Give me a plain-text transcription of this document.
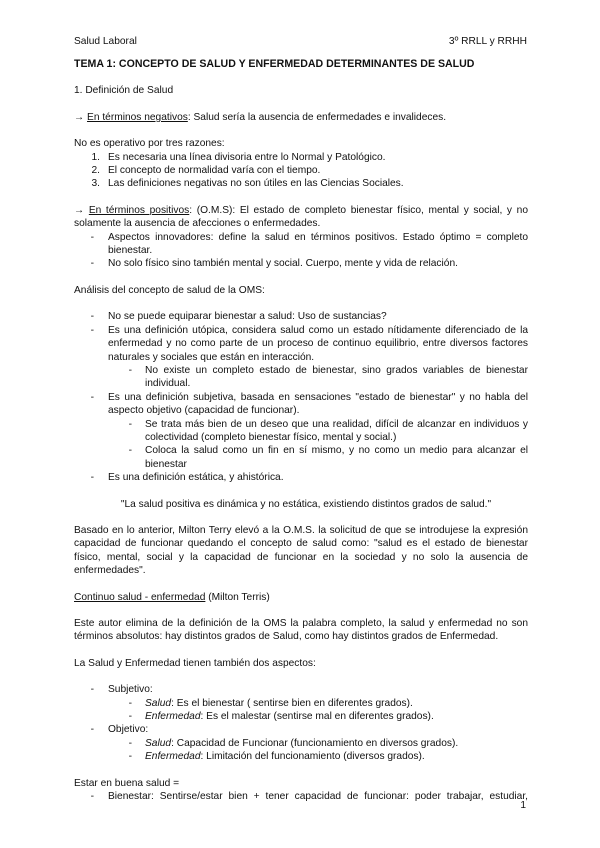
Salud Laboral	3º RRLL y RRHH

TEMA 1: CONCEPTO DE SALUD Y ENFERMEDAD DETERMINANTES DE SALUD

1. Definición de Salud

→ En términos negativos: Salud sería la ausencia de enfermedades e invalideces.

No es operativo por tres razones:

1. Es necesaria una línea divisoria entre lo Normal y Patológico.
2. El concepto de normalidad varía con el tiempo.
3. Las definiciones negativas no son útiles en las Ciencias Sociales.

→ En términos positivos: (O.M.S): El estado de completo bienestar físico, mental y social, y no solamente la ausencia de afecciones o enfermedades.

-	Aspectos innovadores: define la salud en términos positivos. Estado óptimo = completo bienestar.
-	No solo físico sino también mental y social. Cuerpo, mente y vida de relación.

Análisis del concepto de salud de la OMS:

-	No se puede equiparar bienestar a salud: Uso de sustancias?
-	Es una definición utópica, considera salud como un estado nítidamente diferenciado de la enfermedad y no como parte de un proceso de continuo equilibrio, entre diversos factores naturales y sociales que están en interacción.
-	No existe un completo estado de bienestar, sino grados variables de bienestar individual.
-	Es una definición subjetiva, basada en sensaciones "estado de bienestar" y no habla del aspecto objetivo (capacidad de funcionar).
-	Se trata más bien de un deseo que una realidad, difícil de alcanzar en individuos y colectividad (completo bienestar físico, mental y social.)
-	Coloca la salud como un fin en sí mismo, y no como un medio para alcanzar el bienestar
-	Es una definición estática, y ahistórica.

"La salud positiva es dinámica y no estática, existiendo distintos grados de salud."

Basado en lo anterior, Milton Terry elevó a la O.M.S. la solicitud de que se introdujese la expresión capacidad de funcionar quedando el concepto de salud como: "salud es el estado de bienestar físico, mental, social y la capacidad de funcionar en la sociedad y no solo la ausencia de enfermedades".

Continuo salud - enfermedad (Milton Terris)

Este autor elimina de la definición de la OMS la palabra completo, la salud y enfermedad no son términos absolutos: hay distintos grados de Salud, como hay distintos grados de Enfermedad.

La Salud y Enfermedad tienen también dos aspectos:

-	Subjetivo:
-	Salud: Es el bienestar ( sentirse bien en diferentes grados).
-	Enfermedad: Es el malestar (sentirse mal en diferentes grados).
-	Objetivo:
-	Salud: Capacidad de Funcionar (funcionamiento en diversos grados).
-	Enfermedad: Limitación del funcionamiento (diversos grados).

Estar en buena salud =

-	Bienestar: Sentirse/estar bien + tener capacidad de funcionar: poder trabajar, estudiar,
1
